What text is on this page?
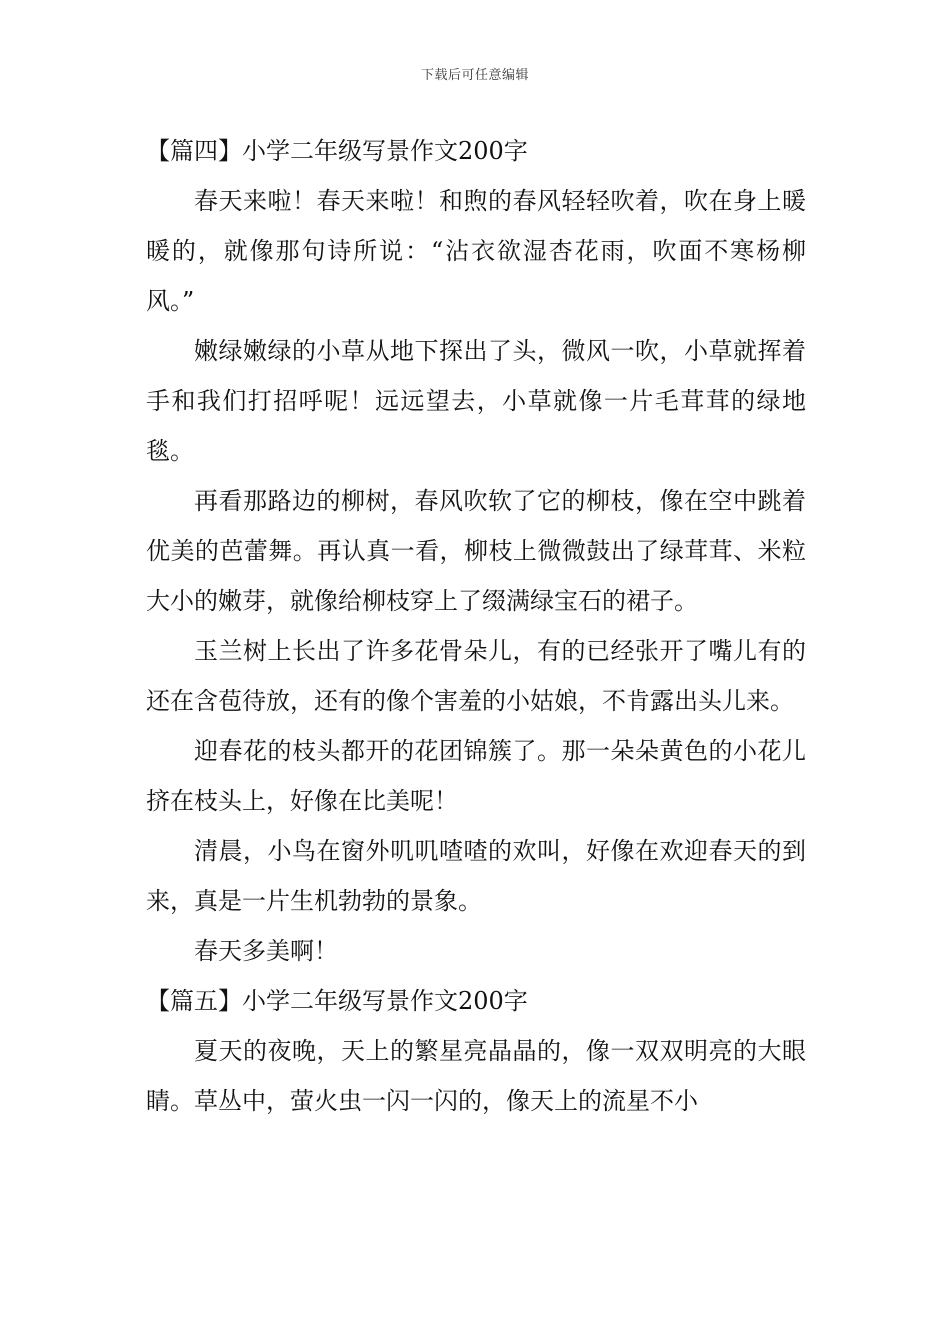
下载后可任意编辑

【篇四】小学二年级写景作文200字

春天来啦！春天来啦！和煦的春风轻轻吹着，吹在身上暖暖的，就像那句诗所说：“沾衣欲湿杏花雨，吹面不寒杨柳风。”

嫩绿嫩绿的小草从地下探出了头，微风一吹，小草就挥着手和我们打招呼呢！远远望去，小草就像一片毛茸茸的绿地毯。

再看那路边的柳树，春风吹软了它的柳枝，像在空中跳着优美的芭蕾舞。再认真一看，柳枝上微微鼓出了绿茸茸、米粒大小的嫩芽，就像给柳枝穿上了缀满绿宝石的裙子。

玉兰树上长出了许多花骨朵儿，有的已经张开了嘴儿有的还在含苞待放，还有的像个害羞的小姑娘，不肯露出头儿来。

迎春花的枝头都开的花团锦簇了。那一朵朵黄色的小花儿挤在枝头上，好像在比美呢！

清晨，小鸟在窗外叽叽喳喳的欢叫，好像在欢迎春天的到来，真是一片生机勃勃的景象。

春天多美啊！

【篇五】小学二年级写景作文200字

夏天的夜晚，天上的繁星亮晶晶的，像一双双明亮的大眼睛。草丛中，萤火虫一闪一闪的，像天上的流星不小
